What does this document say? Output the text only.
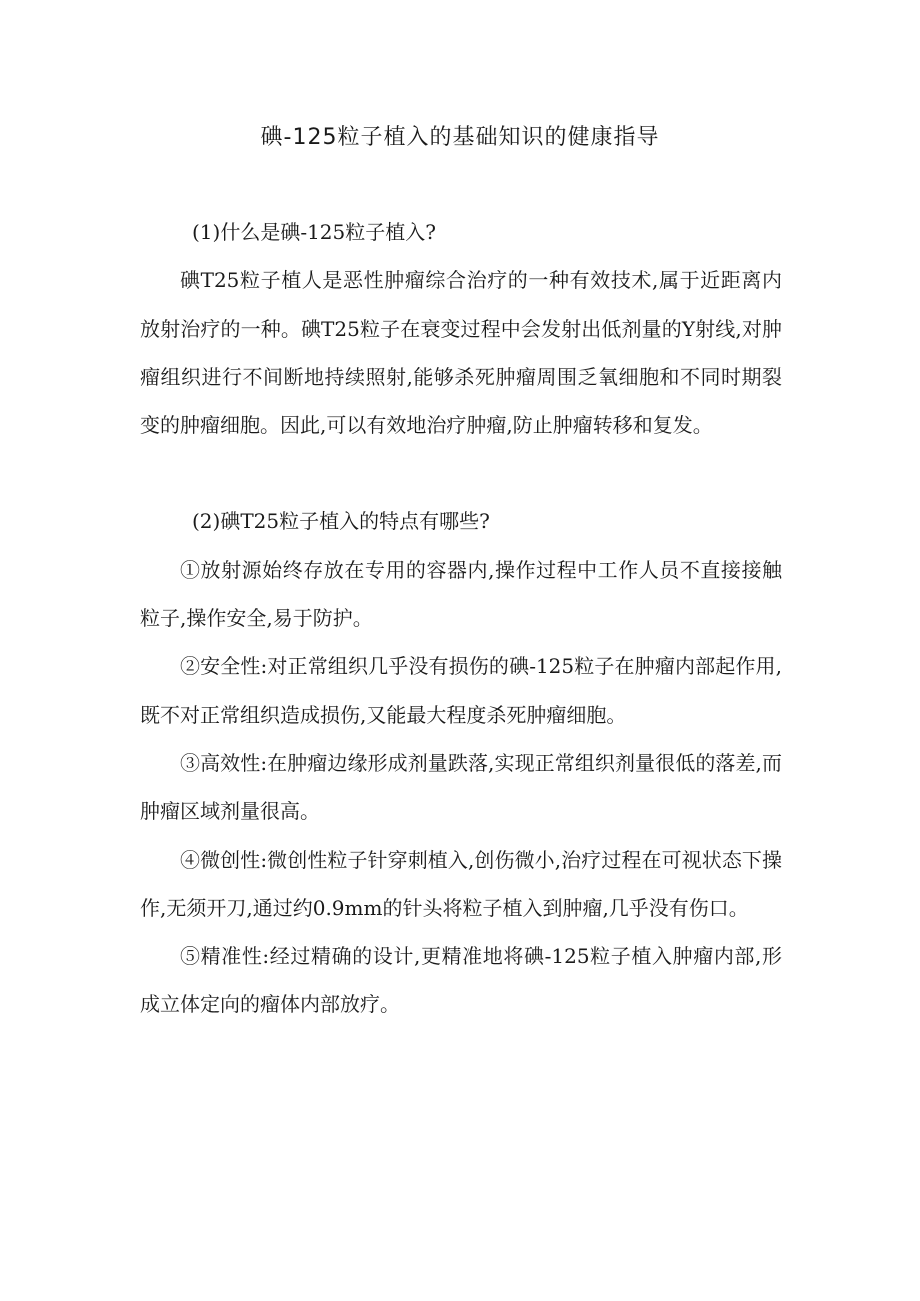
碘-125粒子植入的基础知识的健康指导

(1)什么是碘-125粒子植入?

碘T25粒子植人是恶性肿瘤综合治疗的一种有效技术,属于近距离内放射治疗的一种。碘T25粒子在衰变过程中会发射出低剂量的Y射线,对肿瘤组织进行不间断地持续照射,能够杀死肿瘤周围乏氧细胞和不同时期裂变的肿瘤细胞。因此,可以有效地治疗肿瘤,防止肿瘤转移和复发。

(2)碘T25粒子植入的特点有哪些?

①放射源始终存放在专用的容器内,操作过程中工作人员不直接接触粒子,操作安全,易于防护。

②安全性:对正常组织几乎没有损伤的碘-125粒子在肿瘤内部起作用,既不对正常组织造成损伤,又能最大程度杀死肿瘤细胞。

③高效性:在肿瘤边缘形成剂量跌落,实现正常组织剂量很低的落差,而肿瘤区域剂量很高。

④微创性:微创性粒子针穿刺植入,创伤微小,治疗过程在可视状态下操作,无须开刀,通过约0.9mm的针头将粒子植入到肿瘤,几乎没有伤口。

⑤精准性:经过精确的设计,更精准地将碘-125粒子植入肿瘤内部,形成立体定向的瘤体内部放疗。
